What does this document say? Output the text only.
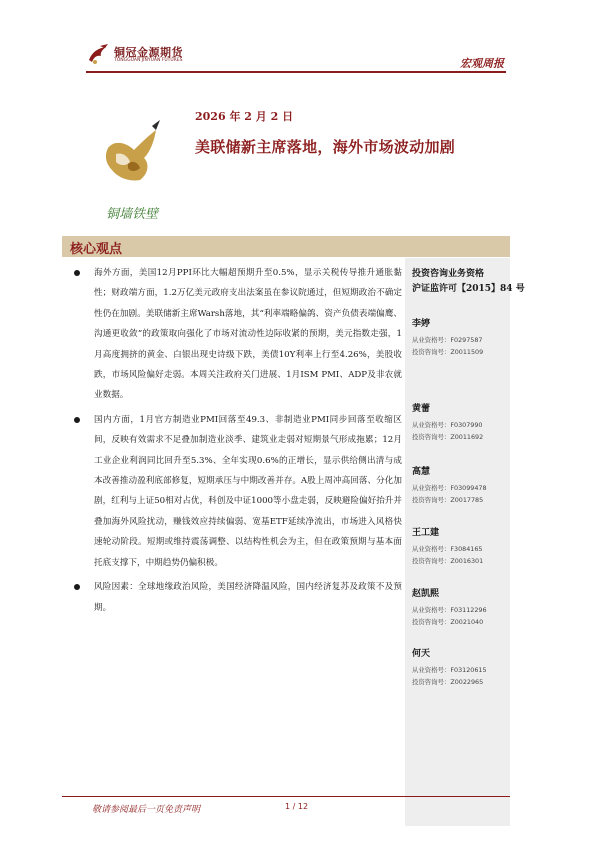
铜冠金源期货
TONGGUAN JINYUAN FUTURES	宏观周报
铜墙铁壁
2026 年 2 月 2 日
美联储新主席落地，海外市场波动加剧
核心观点
海外方面，美国12月PPI环比大幅超预期升至0.5%，显示关税传导推升通胀黏性；财政端方面，1.2万亿美元政府支出法案虽在参议院通过，但短期政治不确定性仍在加剧。美联储新主席Warsh落地，其“利率端略偏鸽、资产负债表端偏鹰、沟通更收敛”的政策取向强化了市场对流动性边际收紧的预期，美元指数走强，1月高度拥挤的黄金、白银出现史诗级下跌，美债10Y利率上行至4.26%，美股收跌，市场风险偏好走弱。本周关注政府关门进展、1月ISM PMI、ADP及非农就业数据。
国内方面，1月官方制造业PMI回落至49.3、非制造业PMI同步回落至收缩区间，反映有效需求不足叠加制造业淡季、建筑业走弱对短期景气形成拖累；12月工业企业利润同比回升至5.3%、全年实现0.6%的正增长，显示供给侧出清与成本改善推动盈利底部修复，短期承压与中期改善并存。A股上周冲高回落、分化加剧，红利与上证50相对占优，科创及中证1000等小盘走弱，反映避险偏好抬升并叠加海外风险扰动，赚钱效应持续偏弱、宽基ETF延续净流出，市场进入风格快速轮动阶段。短期或维持震荡调整、以结构性机会为主，但在政策预期与基本面托底支撑下，中期趋势仍偏积极。
风险因素：全球地缘政治风险，美国经济降温风险，国内经济复苏及政策不及预期。
投资咨询业务资格
沪证监许可【2015】84 号
李婷
从业资格号：F0297587
投资咨询号：Z0011509
黄蕾
从业资格号：F0307990
投资咨询号：Z0011692
高慧
从业资格号：F03099478
投资咨询号：Z0017785
王工建
从业资格号：F3084165
投资咨询号：Z0016301
赵凯熙
从业资格号：F03112296
投资咨询号：Z0021040
何天
从业资格号：F03120615
投资咨询号：Z0022965
敬请参阅最后一页免责声明	1 / 12
